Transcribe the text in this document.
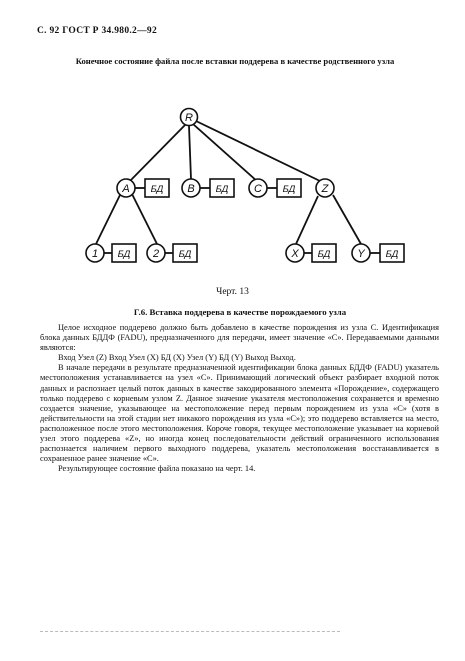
С. 92 ГОСТ Р 34.980.2—92
Конечное состояние файла после вставки поддерева в качестве родственного узла
R
A	B	C	Z
1	2	X	Y
БД	БД	БД
БД	БД	БД	БД
Черт. 13
Г.6. Вставка поддерева в качестве порождаемого узла

Целое исходное поддерево должно быть добавлено в качестве порождения из узла С. Идентификация блока данных БДДФ (FADU), предназначенного для передачи, имеет значение «С». Передаваемыми данными являются:

Вход Узел (Z) Вход Узел (X) БД (X) Узел (Y) БД (Y) Выход Выход.

В начале передачи в результате предназначенной идентификации блока данных БДДФ (FADU) указатель местоположения устанавливается на узел «С». Принимающий логический объект разбирает входной поток данных и распознает целый поток данных в качестве закодированного элемента «Порождение», содержащего только поддерево с корневым узлом Z. Данное значение указателя местоположения сохраняется и временно создается значение, указывающее на местоположение перед первым порождением из узла «С» (хотя в действительности на этой стадии нет никакого порождения из узла «С»); это поддерево вставляется на место, расположенное после этого местоположения. Короче говоря, текущее местоположение указывает на корневой узел этого поддерева «Z», но иногда конец последовательности действий ограниченного использования распознается наличием первого выходного поддерева, указатель местоположения восстанавливается в сохраненное ранее значение «С».

Результирующее состояние файла показано на черт. 14.
